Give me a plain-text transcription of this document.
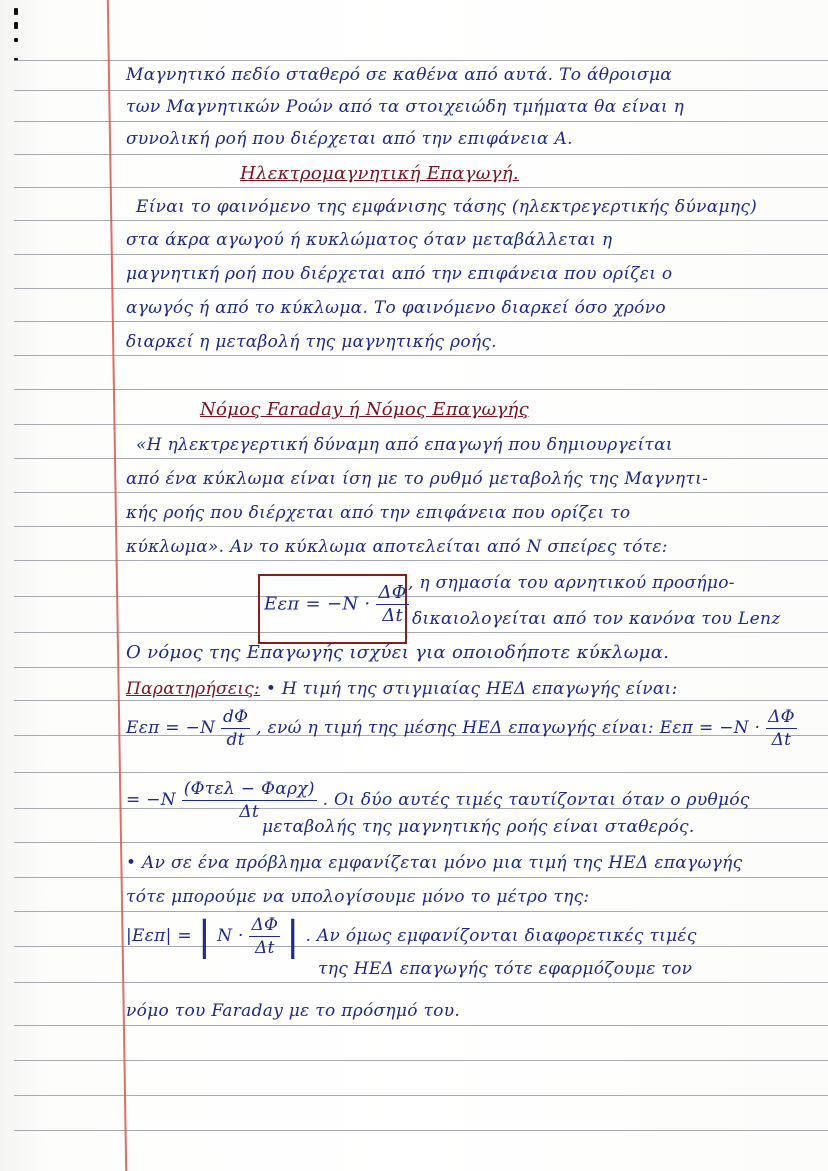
Μαγνητικό πεδίο σταθερό σε καθένα από αυτά. Το άθροισμα
των Μαγνητικών Ροών από τα στοιχειώδη τμήματα θα είναι η
συνολική ροή που διέρχεται από την επιφάνεια A.
Ηλεκτρομαγνητική Επαγωγή.
Είναι το φαινόμενο της εμφάνισης τάσης (ηλεκτρεγερτικής δύναμης)
στα άκρα αγωγού ή κυκλώματος όταν μεταβάλλεται η
μαγνητική ροή που διέρχεται από την επιφάνεια που ορίζει ο
αγωγός ή από το κύκλωμα. Το φαινόμενο διαρκεί όσο χρόνο
διαρκεί η μεταβολή της μαγνητικής ροής.
Νόμος Faraday ή Νόμος Επαγωγής
«Η ηλεκτρεγερτική δύναμη από επαγωγή που δημιουργείται
από ένα κύκλωμα είναι ίση με το ρυθμό μεταβολής της Μαγνητι-
κής ροής που διέρχεται από την επιφάνεια που ορίζει το
κύκλωμα». Αν το κύκλωμα αποτελείται από N σπείρες τότε:
$E\varepsilon\pi = -N \cdot \frac{\Delta\Phi}{\Delta t}$ , η σημασία του αρνητικού προσήμο-
δικαιολογείται από τον κανόνα του Lenz
Ο νόμος της Επαγωγής ισχύει για οποιοδήποτε κύκλωμα.
Παρατηρήσεις: • Η τιμή της στιγμιαίας ΗΕΔ επαγωγής είναι:
$E\varepsilon\pi = -N \frac{d\Phi}{dt}$ , ενώ η τιμή της μέσης ΗΕΔ επαγωγής είναι: $E\varepsilon\pi = -N \cdot \frac{\Delta\Phi}{\Delta t}$
= $-N \frac{\text{(Φτελ − Φαρχ)}}{\Delta t}$ . Οι δύο αυτές τιμές ταυτίζονται όταν ο ρυθμός
μεταβολής της μαγνητικής ροής είναι σταθερός.
• Αν σε ένα πρόβλημα εμφανίζεται μόνο μια τιμή της ΗΕΔ επαγωγής
τότε μπορούμε να υπολογίσουμε μόνο το μέτρο της:
|Εεπ| = | $N \cdot \frac{\Delta\Phi}{\Delta t}$ | . Αν όμως εμφανίζονται διαφορετικές τιμές
της ΗΕΔ επαγωγής τότε εφαρμόζουμε τον
νόμο του Faraday με το πρόσημό του.
